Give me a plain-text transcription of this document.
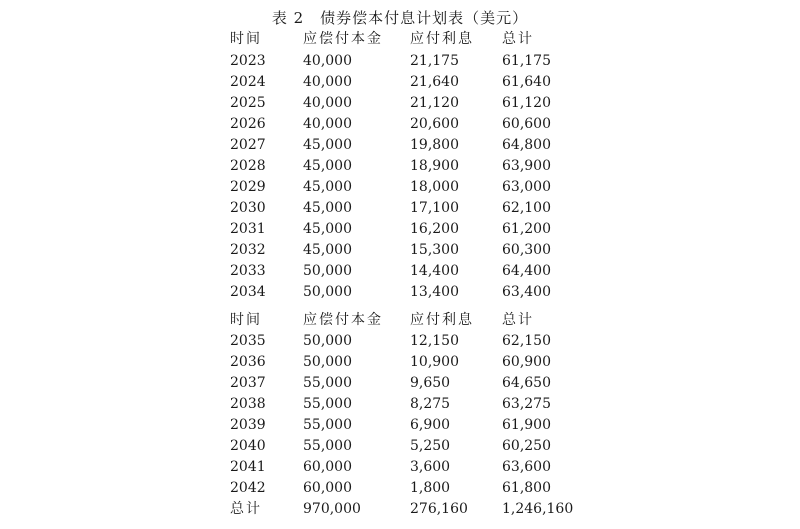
表 2　债券偿本付息计划表（美元）
时间	应偿付本金 应付利息 总计
2023	40,000	21,175	61,175
2024	40,000	21,640	61,640
2025	40,000	21,120	61,120
2026	40,000	20,600	60,600
2027	45,000	19,800	64,800
2028	45,000	18,900	63,900
2029	45,000	18,000	63,000
2030	45,000	17,100	62,100
2031	45,000	16,200	61,200
2032	45,000	15,300	60,300
2033	50,000	14,400	64,400
2034	50,000	13,400	63,400
时间	应偿付本金 应付利息 总计
2035	50,000	12,150	62,150
2036	50,000	10,900	60,900
2037	55,000	9,650	64,650
2038	55,000	8,275	63,275
2039	55,000	6,900	61,900
2040	55,000	5,250	60,250
2041	60,000	3,600	63,600
2042	60,000	1,800	61,800
总计	970,000	276,160 1,246,160
